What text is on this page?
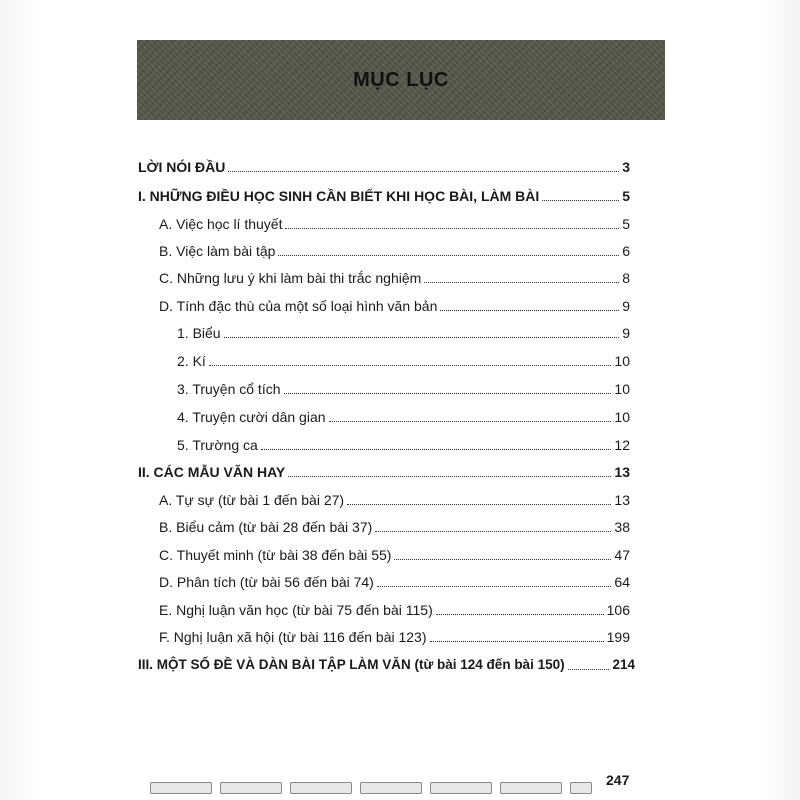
MỤC LỤC
LỜI NÓI ĐẦU	3
I. NHỮNG ĐIỀU HỌC SINH CẦN BIẾT KHI HỌC BÀI, LÀM BÀI	5
A. Việc học lí thuyết	5
B. Việc làm bài tập	6
C. Những lưu ý khi làm bài thi trắc nghiệm	8
D. Tính đặc thù của một số loại hình văn bản	9
1. Biểu	9
2. Kí	10
3. Truyện cổ tích	10
4. Truyện cười dân gian	10
5. Trường ca	12
II. CÁC MẪU VĂN HAY	13
A. Tự sự (từ bài 1 đến bài 27)	13
B. Biểu cảm (từ bài 28 đến bài 37)	38
C. Thuyết minh (từ bài 38 đến bài 55)	47
D. Phân tích (từ bài 56 đến bài 74)	64
E. Nghị luận văn học (từ bài 75 đến bài 115)	106
F. Nghị luận xã hội (từ bài 116 đến bài 123)	199
III. MỘT SỐ ĐỀ VÀ DÀN BÀI TẬP LÀM VĂN (từ bài 124 đến bài 150)	214
247
